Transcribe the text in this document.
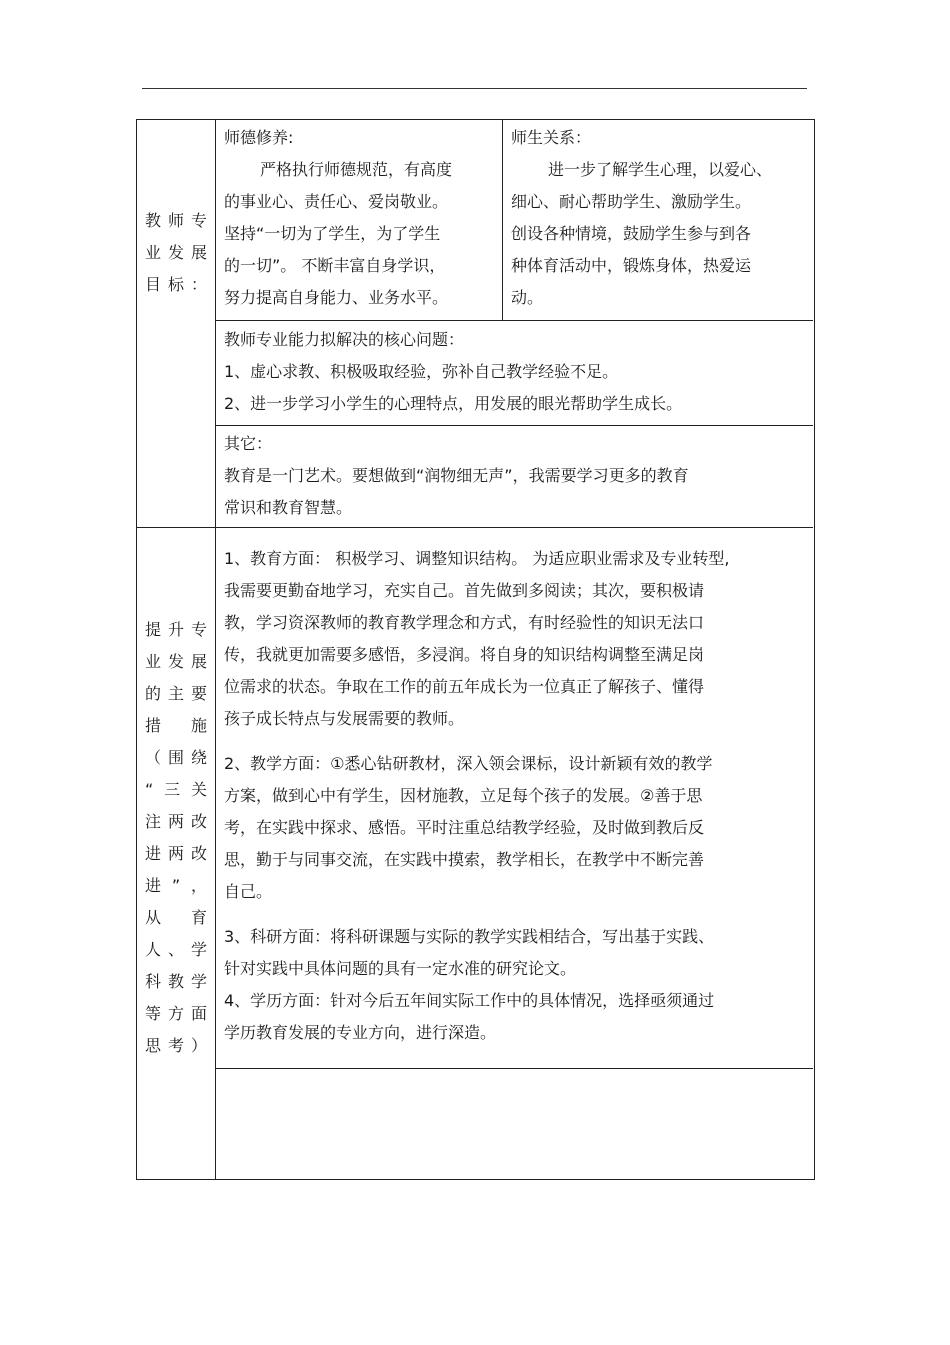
教师专
业发展
目标：
师德修养:
严格执行师德规范，有高度
的事业心、责任心、爱岗敬业。
坚持“一切为了学生，为了学生
的一切”。 不断丰富自身学识，
努力提高自身能力、业务水平。
师生关系：
进一步了解学生心理，以爱心、
细心、耐心帮助学生、激励学生。
创设各种情境，鼓励学生参与到各
种体育活动中，锻炼身体，热爱运
动。
教师专业能力拟解决的核心问题：
1、虚心求教、积极吸取经验，弥补自己教学经验不足。
2、进一步学习小学生的心理特点，用发展的眼光帮助学生成长。
其它：
教育是一门艺术。要想做到“润物细无声”，我需要学习更多的教育
常识和教育智慧。
提升专
业发展
的主要
措　施
（围绕
“三关
注两改
进两改
进”，
从　育
人、学
科教学
等方面
思考）
1、教育方面： 积极学习、调整知识结构。 为适应职业需求及专业转型,
我需要更勤奋地学习，充实自己。首先做到多阅读；其次，要积极请
教，学习资深教师的教育教学理念和方式，有时经验性的知识无法口
传，我就更加需要多感悟，多浸润。将自身的知识结构调整至满足岗
位需求的状态。争取在工作的前五年成长为一位真正了解孩子、懂得
孩子成长特点与发展需要的教师。
2、教学方面：①悉心钻研教材，深入领会课标，设计新颖有效的教学
方案，做到心中有学生，因材施教，立足每个孩子的发展。②善于思
考，在实践中探求、感悟。平时注重总结教学经验，及时做到教后反
思，勤于与同事交流，在实践中摸索，教学相长，在教学中不断完善
自己。
3、科研方面：将科研课题与实际的教学实践相结合，写出基于实践、
针对实践中具体问题的具有一定水准的研究论文。
4、学历方面：针对今后五年间实际工作中的具体情况，选择亟须通过
学历教育发展的专业方向，进行深造。
